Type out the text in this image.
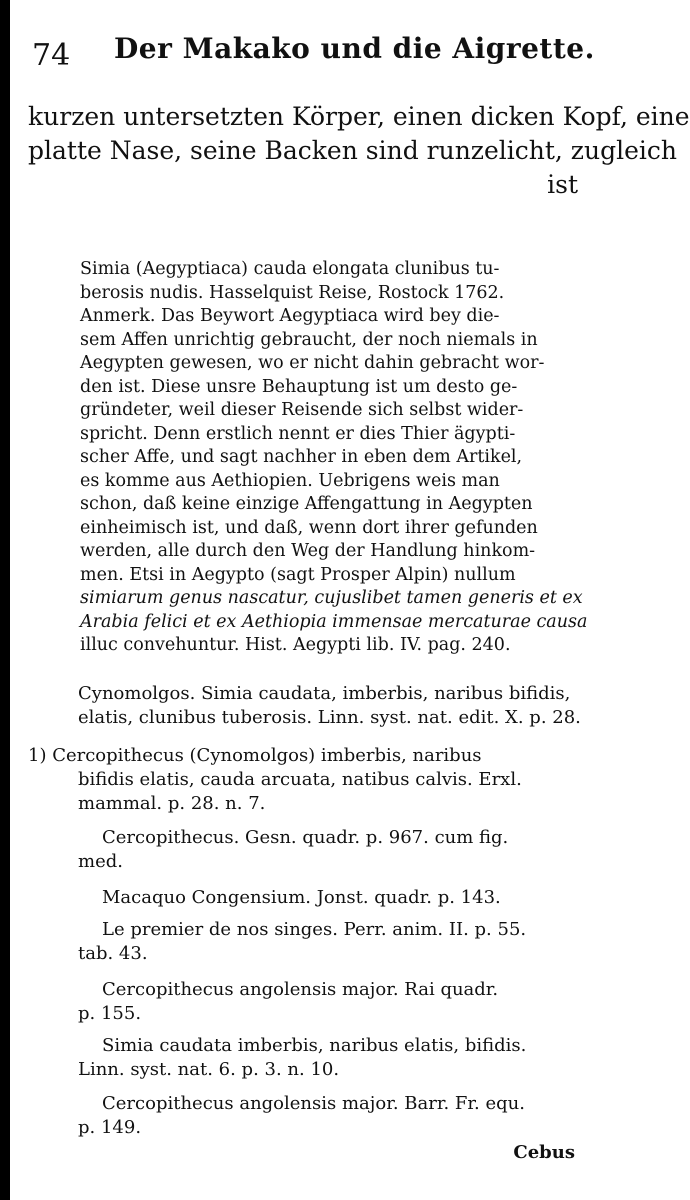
74 Der Makako und die Aigrette.
kurzen untersetzten Körper, einen dicken Kopf, eine
platte Nase, seine Backen sind runzelicht, zugleich
ist

Simia (Aegyptiaca) cauda elongata clunibus tu-

berosis nudis. Hasselquist Reise, Rostock 1762.

Anmerk. Das Beywort Aegyptiaca wird bey die-

sem Affen unrichtig gebraucht, der noch niemals in

Aegypten gewesen, wo er nicht dahin gebracht wor-

den ist. Diese unsre Behauptung ist um desto ge-

gründeter, weil dieser Reisende sich selbst wider-

spricht. Denn erstlich nennt er dies Thier ägypti-

scher Affe, und sagt nachher in eben dem Artikel,

es komme aus Aethiopien. Uebrigens weis man

schon, daß keine einzige Affengattung in Aegypten

einheimisch ist, und daß, wenn dort ihrer gefunden

werden, alle durch den Weg der Handlung hinkom-

men. Etsi in Aegypto (sagt Prosper Alpin) nullum

simiarum genus nascatur, cujuslibet tamen generis et ex

Arabia felici et ex Aethiopia immensae mercaturae causa

illuc convehuntur. Hist. Aegypti lib. IV. pag. 240.

Cynomolgos. Simia caudata, imberbis, naribus bifidis,

elatis, clunibus tuberosis. Linn. syst. nat. edit. X. p. 28.

1) Cercopithecus (Cynomolgos) imberbis, naribus

bifidis elatis, cauda arcuata, natibus calvis. Erxl.

mammal. p. 28. n. 7.

Cercopithecus. Gesn. quadr. p. 967. cum fig.

med.

Macaquo Congensium. Jonst. quadr. p. 143.

Le premier de nos singes. Perr. anim. II. p. 55.

tab. 43.

Cercopithecus angolensis major. Rai quadr.

p. 155.

Simia caudata imberbis, naribus elatis, bifidis.

Linn. syst. nat. 6. p. 3. n. 10.

Cercopithecus angolensis major. Barr. Fr. equ.

p. 149.

Cebus
